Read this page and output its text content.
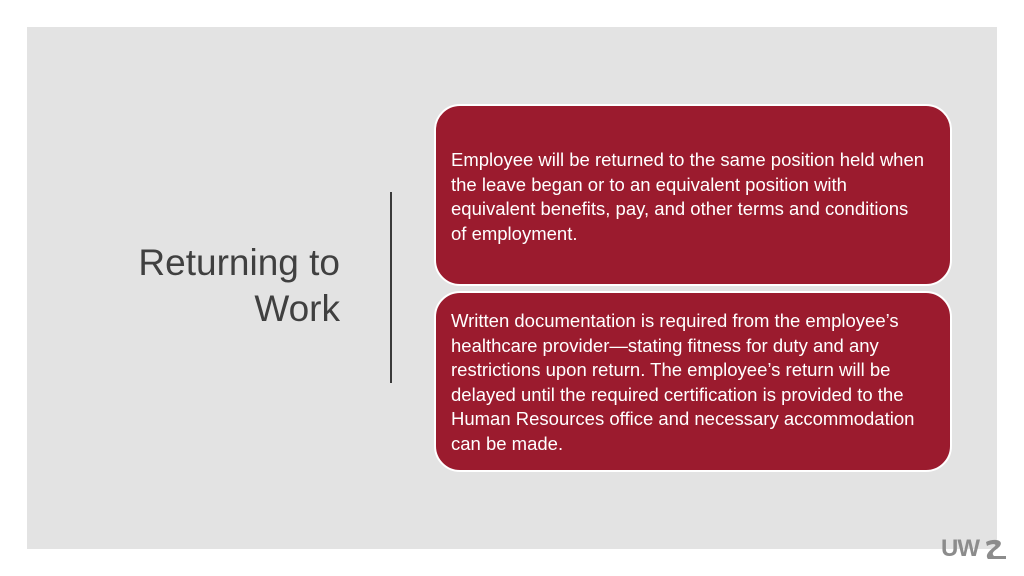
Returning to
Work
Employee will be returned to the same position held when the leave began or to an equivalent position with equivalent benefits, pay, and other terms and conditions of employment.
Written documentation is required from the employee’s healthcare provider—stating fitness for duty and any restrictions upon return. The employee’s return will be delayed until the required certification is provided to the Human Resources office and necessary accommodation can be made.
UW
